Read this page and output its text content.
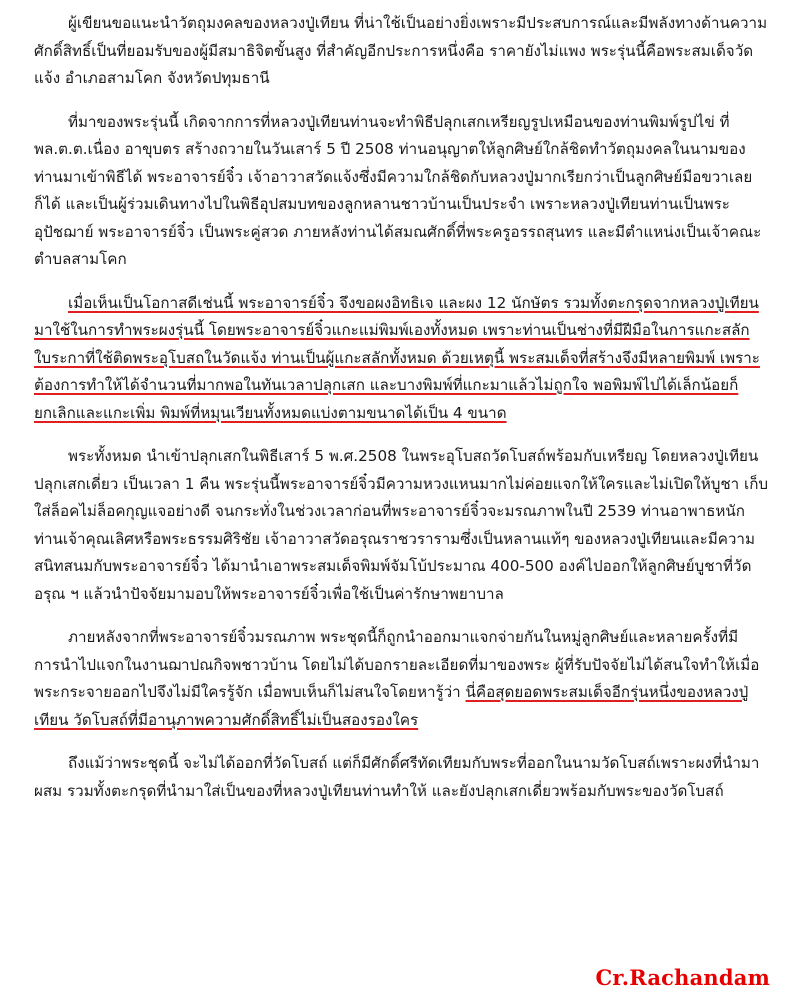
ผู้เขียนขอแนะนำวัตถุมงคลของหลวงปู่เทียน ที่น่าใช้เป็นอย่างยิ่งเพราะมีประสบการณ์และมีพลังทางด้านความศักดิ์สิทธิ์เป็นที่ยอมรับของผู้มีสมาธิจิตขั้นสูง ที่สำคัญอีกประการหนึ่งคือ ราคายังไม่แพง พระรุ่นนี้คือพระสมเด็จวัดแจ้ง อำเภอสามโคก จังหวัดปทุมธานี

ที่มาของพระรุ่นนี้ เกิดจากการที่หลวงปู่เทียนท่านจะทำพิธีปลุกเสกเหรียญรูปเหมือนของท่านพิมพ์รูปไข่ ที่ พล.ต.ต.เนื่อง อาขุบตร สร้างถวายในวันเสาร์ 5 ปี 2508 ท่านอนุญาตให้ลูกศิษย์ใกล้ชิดทำวัตถุมงคลในนามของท่านมาเข้าพิธีได้ พระอาจารย์จิ๋ว เจ้าอาวาสวัดแจ้งซึ่งมีความใกล้ชิดกับหลวงปู่มากเรียกว่าเป็นลูกศิษย์มือขวาเลยก็ได้ และเป็นผู้ร่วมเดินทางไปในพิธีอุปสมบทของลูกหลานชาวบ้านเป็นประจำ เพราะหลวงปู่เทียนท่านเป็นพระอุปัชฌาย์ พระอาจารย์จิ๋ว เป็นพระคู่สวด ภายหลังท่านได้สมณศักดิ์ที่พระครูอรรถสุนทร และมีตำแหน่งเป็นเจ้าคณะตำบลสามโคก

เมื่อเห็นเป็นโอกาสดีเช่นนี้ พระอาจารย์จิ๋ว จึงขอผงอิทธิเจ และผง 12 นักษัตร รวมทั้งตะกรุดจากหลวงปู่เทียนมาใช้ในการทำพระผงรุ่นนี้ โดยพระอาจารย์จิ๋วแกะแม่พิมพ์เองทั้งหมด เพราะท่านเป็นช่างที่มีฝีมือในการแกะสลัก ใบระกาที่ใช้ติดพระอุโบสถในวัดแจ้ง ท่านเป็นผู้แกะสลักทั้งหมด ด้วยเหตุนี้ พระสมเด็จที่สร้างจึงมีหลายพิมพ์ เพราะต้องการทำให้ได้จำนวนที่มากพอในทันเวลาปลุกเสก และบางพิมพ์ที่แกะมาแล้วไม่ถูกใจ พอพิมพ์ไปได้เล็กน้อยก็ยกเลิกและแกะเพิ่ม พิมพ์ที่หมุนเวียนทั้งหมดแบ่งตามขนาดได้เป็น 4 ขนาด

พระทั้งหมด นำเข้าปลุกเสกในพิธีเสาร์ 5 พ.ศ.2508 ในพระอุโบสถวัดโบสถ์พร้อมกับเหรียญ โดยหลวงปู่เทียนปลุกเสกเดี่ยว เป็นเวลา 1 คืน พระรุ่นนี้พระอาจารย์จิ๋วมีความหวงแหนมากไม่ค่อยแจกให้ใครและไม่เปิดให้บูชา เก็บใส่ล็อคไม่ล็อคกุญแจอย่างดี จนกระทั่งในช่วงเวลาก่อนที่พระอาจารย์จิ๋วจะมรณภาพในปี 2539 ท่านอาพาธหนัก ท่านเจ้าคุณเลิศหรือพระธรรมศิริชัย เจ้าอาวาสวัดอรุณราชวรารามซึ่งเป็นหลานแท้ๆ ของหลวงปู่เทียนและมีความสนิทสนมกับพระอาจารย์จิ๋ว ได้มานำเอาพระสมเด็จพิมพ์จัมโบ้ประมาณ 400-500 องค์ไปออกให้ลูกศิษย์บูชาที่วัดอรุณ ฯ แล้วนำปัจจัยมามอบให้พระอาจารย์จิ๋วเพื่อใช้เป็นค่ารักษาพยาบาล

ภายหลังจากที่พระอาจารย์จิ๋วมรณภาพ พระชุดนี้ก็ถูกนำออกมาแจกจ่ายกันในหมู่ลูกศิษย์และหลายครั้งที่มีการนำไปแจกในงานฌาปณกิจพชาวบ้าน โดยไม่ได้บอกรายละเอียดที่มาของพระ ผู้ที่รับปัจจัยไม่ได้สนใจทำให้เมื่อพระกระจายออกไปจึงไม่มีใครรู้จัก เมื่อพบเห็นก็ไม่สนใจโดยหารู้ว่า นี่คือสุดยอดพระสมเด็จอีกรุ่นหนึ่งของหลวงปู่เทียน วัดโบสถ์ที่มีอานุภาพความศักดิ์สิทธิ์ไม่เป็นสองรองใคร

ถึงแม้ว่าพระชุดนี้ จะไม่ได้ออกที่วัดโบสถ์ แต่ก็มีศักดิ์ศรีทัดเทียมกับพระที่ออกในนามวัดโบสถ์เพราะผงที่นำมาผสม รวมทั้งตะกรุดที่นำมาใส่เป็นของที่หลวงปู่เทียนท่านทำให้ และยังปลุกเสกเดี่ยวพร้อมกับพระของวัดโบสถ์

Cr.Rachandam
